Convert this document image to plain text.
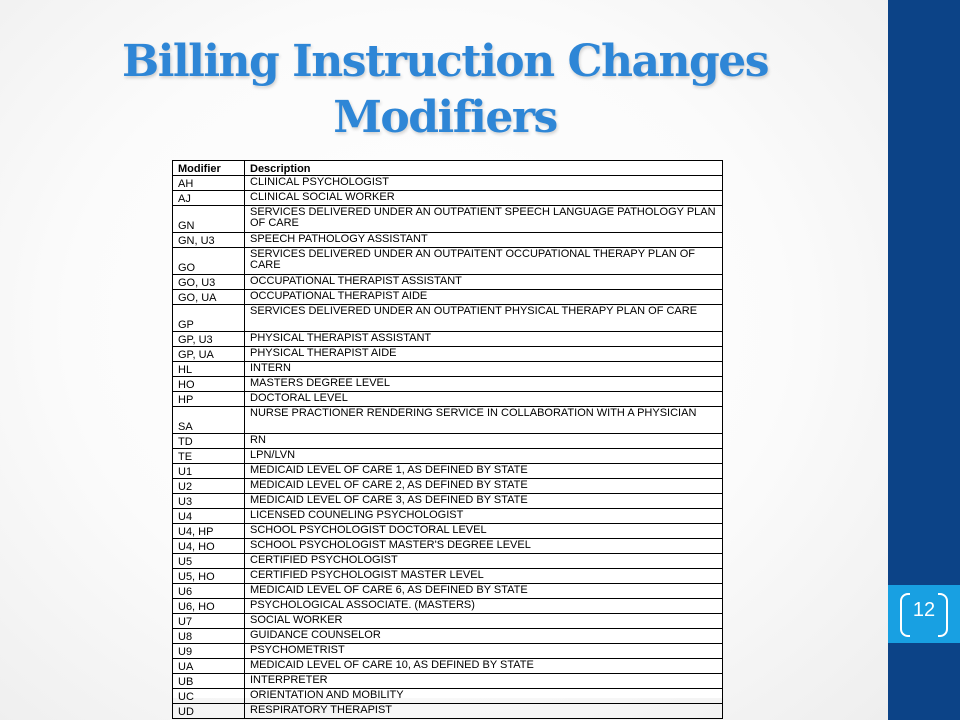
12
Billing Instruction Changes
Modifiers
Modifier	Description
AH	CLINICAL PSYCHOLOGIST
AJ	CLINICAL SOCIAL WORKER
GN	SERVICES DELIVERED UNDER AN OUTPATIENT SPEECH LANGUAGE PATHOLOGY PLAN OF CARE
GN, U3	SPEECH PATHOLOGY ASSISTANT
GO	SERVICES DELIVERED UNDER AN OUTPAITENT OCCUPATIONAL THERAPY PLAN OF CARE
GO, U3	OCCUPATIONAL THERAPIST ASSISTANT
GO, UA	OCCUPATIONAL THERAPIST AIDE
GP	SERVICES DELIVERED UNDER AN OUTPATIENT PHYSICAL THERAPY PLAN OF CARE
GP, U3	PHYSICAL THERAPIST ASSISTANT
GP, UA	PHYSICAL THERAPIST AIDE
HL	INTERN
HO	MASTERS DEGREE LEVEL
HP	DOCTORAL LEVEL
SA	NURSE PRACTIONER RENDERING SERVICE IN COLLABORATION WITH A PHYSICIAN
TD	RN
TE	LPN/LVN
U1	MEDICAID LEVEL OF CARE 1, AS DEFINED BY STATE
U2	MEDICAID LEVEL OF CARE 2, AS DEFINED BY STATE
U3	MEDICAID LEVEL OF CARE 3, AS DEFINED BY STATE
U4	LICENSED COUNELING PSYCHOLOGIST
U4, HP	SCHOOL PSYCHOLOGIST DOCTORAL LEVEL
U4, HO	SCHOOL PSYCHOLOGIST MASTER'S DEGREE LEVEL
U5	CERTIFIED PSYCHOLOGIST
U5, HO	CERTIFIED PSYCHOLOGIST MASTER LEVEL
U6	MEDICAID LEVEL OF CARE 6, AS DEFINED BY STATE
U6, HO	PSYCHOLOGICAL ASSOCIATE. (MASTERS)
U7	SOCIAL WORKER
U8	GUIDANCE COUNSELOR
U9	PSYCHOMETRIST
UA	MEDICAID LEVEL OF CARE 10, AS DEFINED BY STATE
UB	INTERPRETER
UC	ORIENTATION AND MOBILITY
UD	RESPIRATORY THERAPIST
